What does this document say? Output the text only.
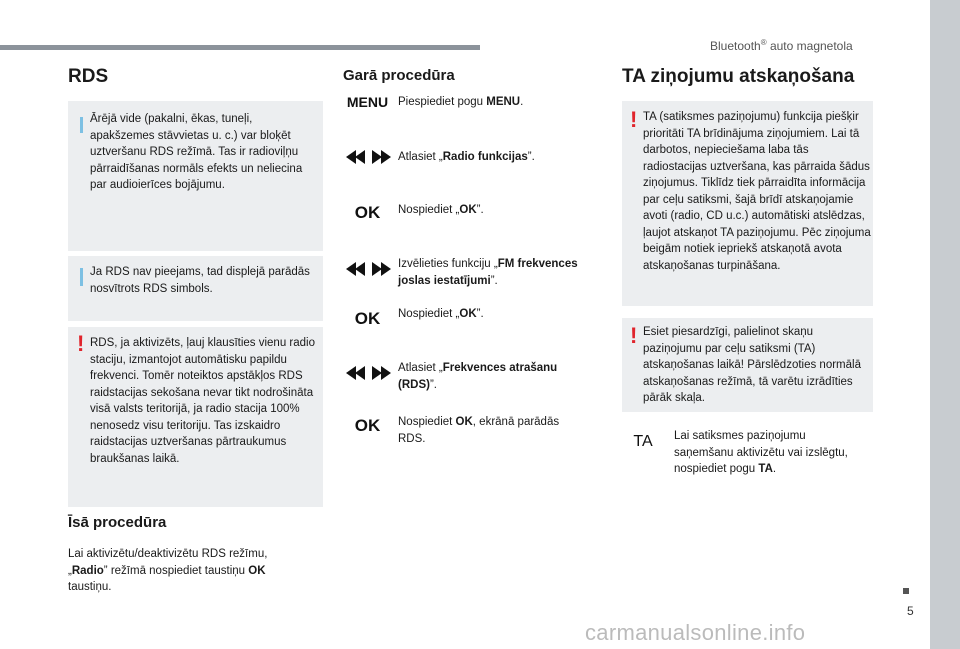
Bluetooth® auto magnetola
RDS
Ārējā vide (pakalni, ēkas, tuneļi, apakšzemes stāvvietas u. c.) var bloķēt uztveršanu RDS režīmā. Tas ir radioviļņu pārraidīšanas normāls efekts un neliecina par audioierīces bojājumu.
Ja RDS nav pieejams, tad displejā parādās nosvītrots RDS simbols.
! RDS, ja aktivizēts, ļauj klausīties vienu radio staciju, izmantojot automātisku papildu frekvenci. Tomēr noteiktos apstākļos RDS raidstacijas sekošana nevar tikt nodrošināta visā valsts teritorijā, ja radio stacija 100% nenosedz visu teritoriju. Tas izskaidro raidstacijas uztveršanas pārtraukumus braukšanas laikā.
Īsā procedūra
Lai aktivizētu/deaktivizētu RDS režīmu,
„Radio” režīmā nospiediet taustiņu OK
taustiņu.
Garā procedūra
MENU Piespiediet pogu MENU.
Atlasiet „Radio funkcijas”.
OK	Nospiediet „OK”.
Izvēlieties funkciju „FM frekvences joslas iestatījumi”.
OK	Nospiediet „OK”.
Atlasiet „Frekvences atrašanu (RDS)”.
OK	Nospiediet OK, ekrānā parādās RDS.
TA ziņojumu atskaņošana
! TA (satiksmes paziņojumu) funkcija piešķir prioritāti TA brīdinājuma ziņojumiem. Lai tā darbotos, nepieciešama laba tās radiostacijas uztveršana, kas pārraida šādus ziņojumus. Tiklīdz tiek pārraidīta informācija par ceļu satiksmi, šajā brīdī atskaņojamie avoti (radio, CD u.c.) automātiski atslēdzas, ļaujot atskaņot TA paziņojumu. Pēc ziņojuma beigām notiek iepriekš atskaņotā avota atskaņošanas turpināšana.
! Esiet piesardzīgi, palielinot skaņu paziņojumu par ceļu satiksmi (TA) atskaņošanas laikā! Pārslēdzoties normālā atskaņošanas režīmā, tā varētu izrādīties pārāk skaļa.
TA	Lai satiksmes paziņojumu saņemšanu aktivizētu vai izslēgtu, nospiediet pogu TA.
5
carmanualsonline.info
